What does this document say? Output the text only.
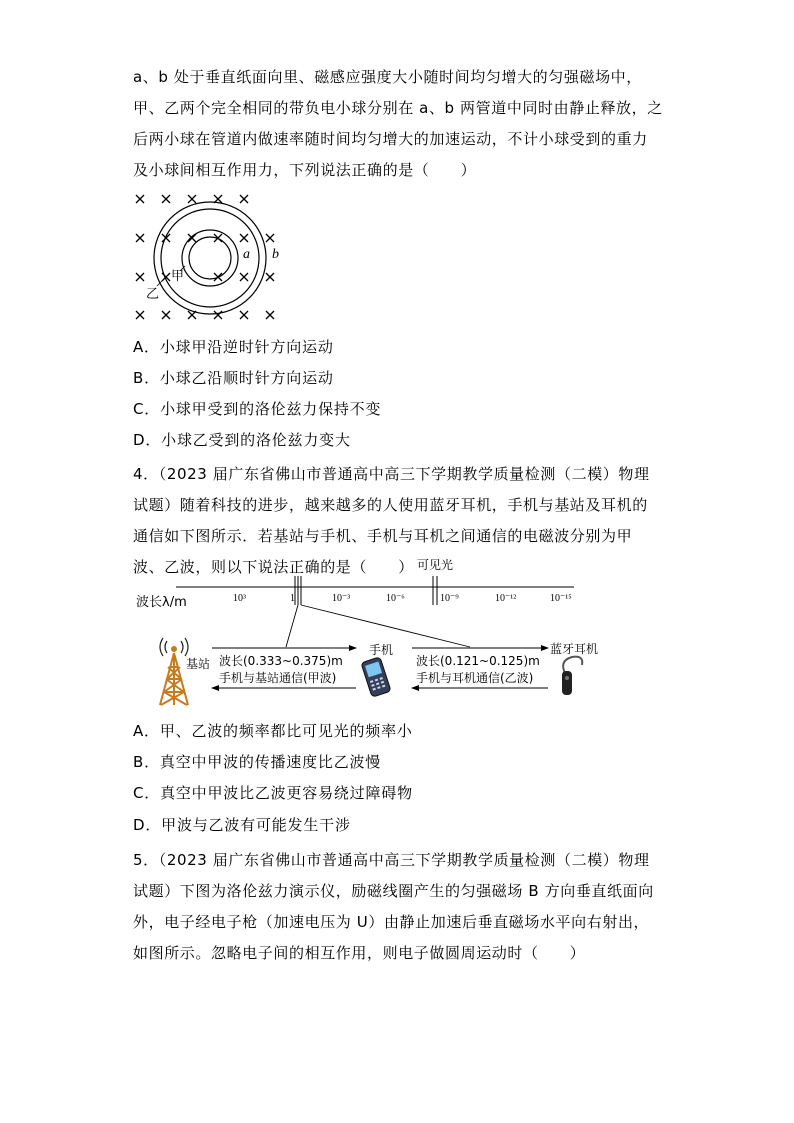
a、b 处于垂直纸面向里、磁感应强度大小随时间均匀增大的匀强磁场中，甲、乙两个完全相同的带负电小球分别在 a、b 两管道中同时由静止释放，之后两小球在管道内做速率随时间均匀增大的加速运动，不计小球受到的重力及小球间相互作用力，下列说法正确的是（　　）
a b
甲
乙
A．小球甲沿逆时针方向运动
B．小球乙沿顺时针方向运动
C．小球甲受到的洛伦兹力保持不变
D．小球乙受到的洛伦兹力变大
4．（2023 届广东省佛山市普通高中高三下学期教学质量检测（二模）物理试题）随着科技的进步，越来越多的人使用蓝牙耳机，手机与基站及耳机的通信如下图所示．若基站与手机、手机与耳机之间通信的电磁波分别为甲波、乙波，则以下说法正确的是（　　） 可见光
波长λ/m	10³	1	10⁻³	10⁻⁶	10⁻⁹	10⁻¹²	10⁻¹⁵
基站
手机	蓝牙耳机
波长(0.333~0.375)m
手机与基站通信(甲波)
波长(0.121~0.125)m
手机与耳机通信(乙波)
A．甲、乙波的频率都比可见光的频率小
B．真空中甲波的传播速度比乙波慢
C．真空中甲波比乙波更容易绕过障碍物
D．甲波与乙波有可能发生干涉
5．（2023 届广东省佛山市普通高中高三下学期教学质量检测（二模）物理试题）下图为洛伦兹力演示仪，励磁线圈产生的匀强磁场 B 方向垂直纸面向外，电子经电子枪（加速电压为 U）由静止加速后垂直磁场水平向右射出，如图所示。忽略电子间的相互作用，则电子做圆周运动时（　　）
